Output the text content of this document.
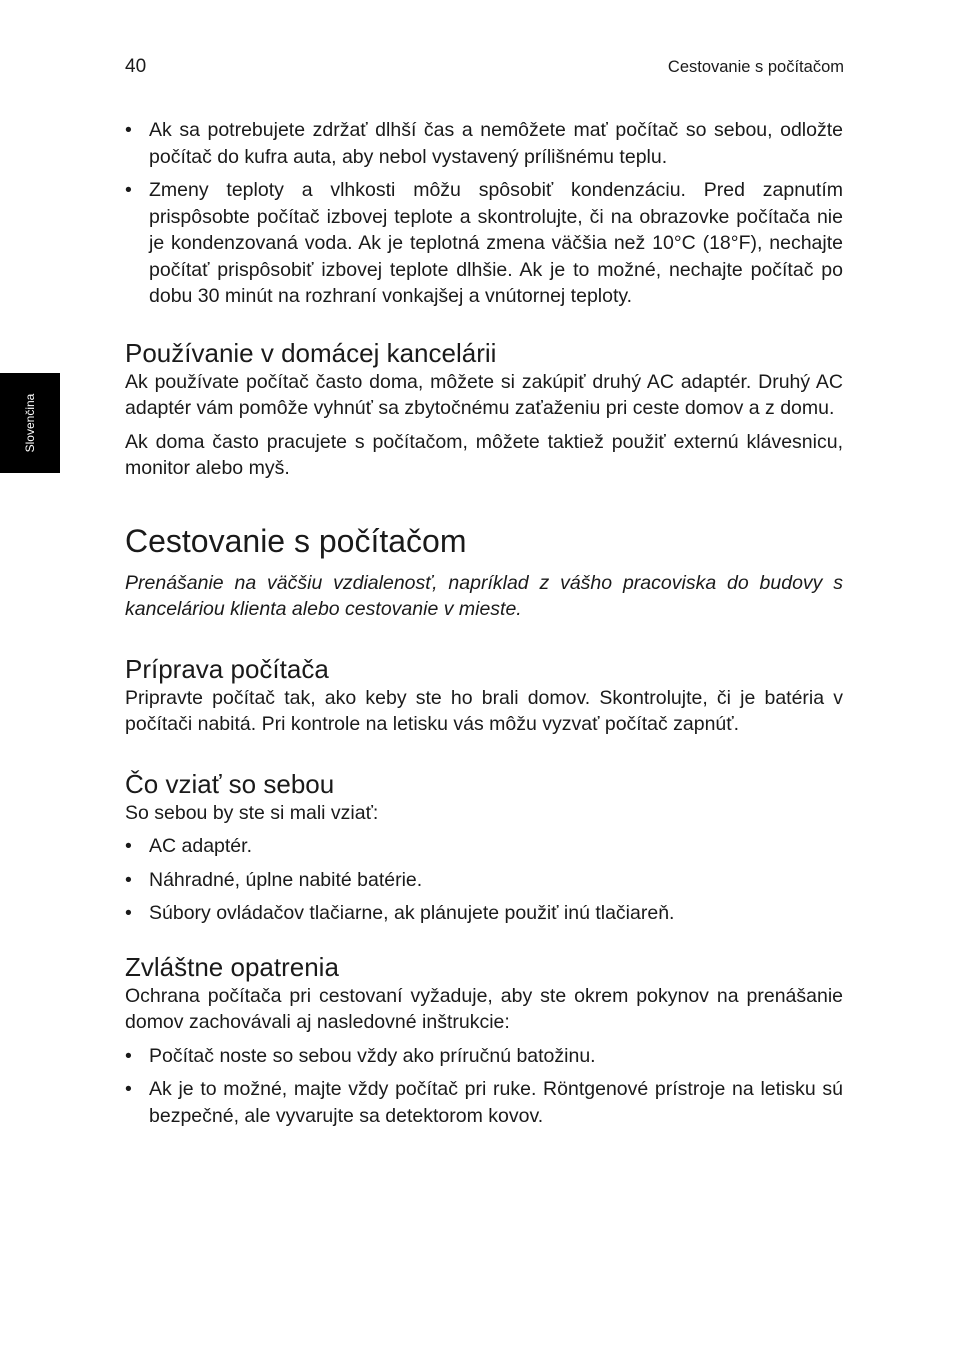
40	Cestovanie s počítačom
Slovenčina
• Ak sa potrebujete zdržať dlhší čas a nemôžete mať počítač so sebou, odložte počítač do kufra auta, aby nebol vystavený prílišnému teplu.
• Zmeny teploty a vlhkosti môžu spôsobiť kondenzáciu. Pred zapnutím prispôsobte počítač izbovej teplote a skontrolujte, či na obrazovke počítača nie je kondenzovaná voda. Ak je teplotná zmena väčšia než 10°C (18°F), nechajte počítať prispôsobiť izbovej teplote dlhšie. Ak je to možné, nechajte počítač po dobu 30 minút na rozhraní vonkajšej a vnútornej teploty.
Používanie v domácej kancelárii

Ak používate počítač často doma, môžete si zakúpiť druhý AC adaptér. Druhý AC adaptér vám pomôže vyhnúť sa zbytočnému zaťaženiu pri ceste domov a z domu.

Ak doma často pracujete s počítačom, môžete taktiež použiť externú klávesnicu, monitor alebo myš.

Cestovanie s počítačom

Prenášanie na väčšiu vzdialenosť, napríklad z vášho pracoviska do budovy s kanceláriou klienta alebo cestovanie v mieste.

Príprava počítača

Pripravte počítač tak, ako keby ste ho brali domov. Skontrolujte, či je batéria v počítači nabitá. Pri kontrole na letisku vás môžu vyzvať počítač zapnúť.

Čo vziať so sebou

So sebou by ste si mali vziať:

• AC adaptér.
• Náhradné, úplne nabité batérie.
• Súbory ovládačov tlačiarne, ak plánujete použiť inú tlačiareň.
Zvláštne opatrenia

Ochrana počítača pri cestovaní vyžaduje, aby ste okrem pokynov na prenášanie domov zachovávali aj nasledovné inštrukcie:

• Počítač noste so sebou vždy ako príručnú batožinu.
• Ak je to možné, majte vždy počítač pri ruke. Röntgenové prístroje na letisku sú bezpečné, ale vyvarujte sa detektorom kovov.
